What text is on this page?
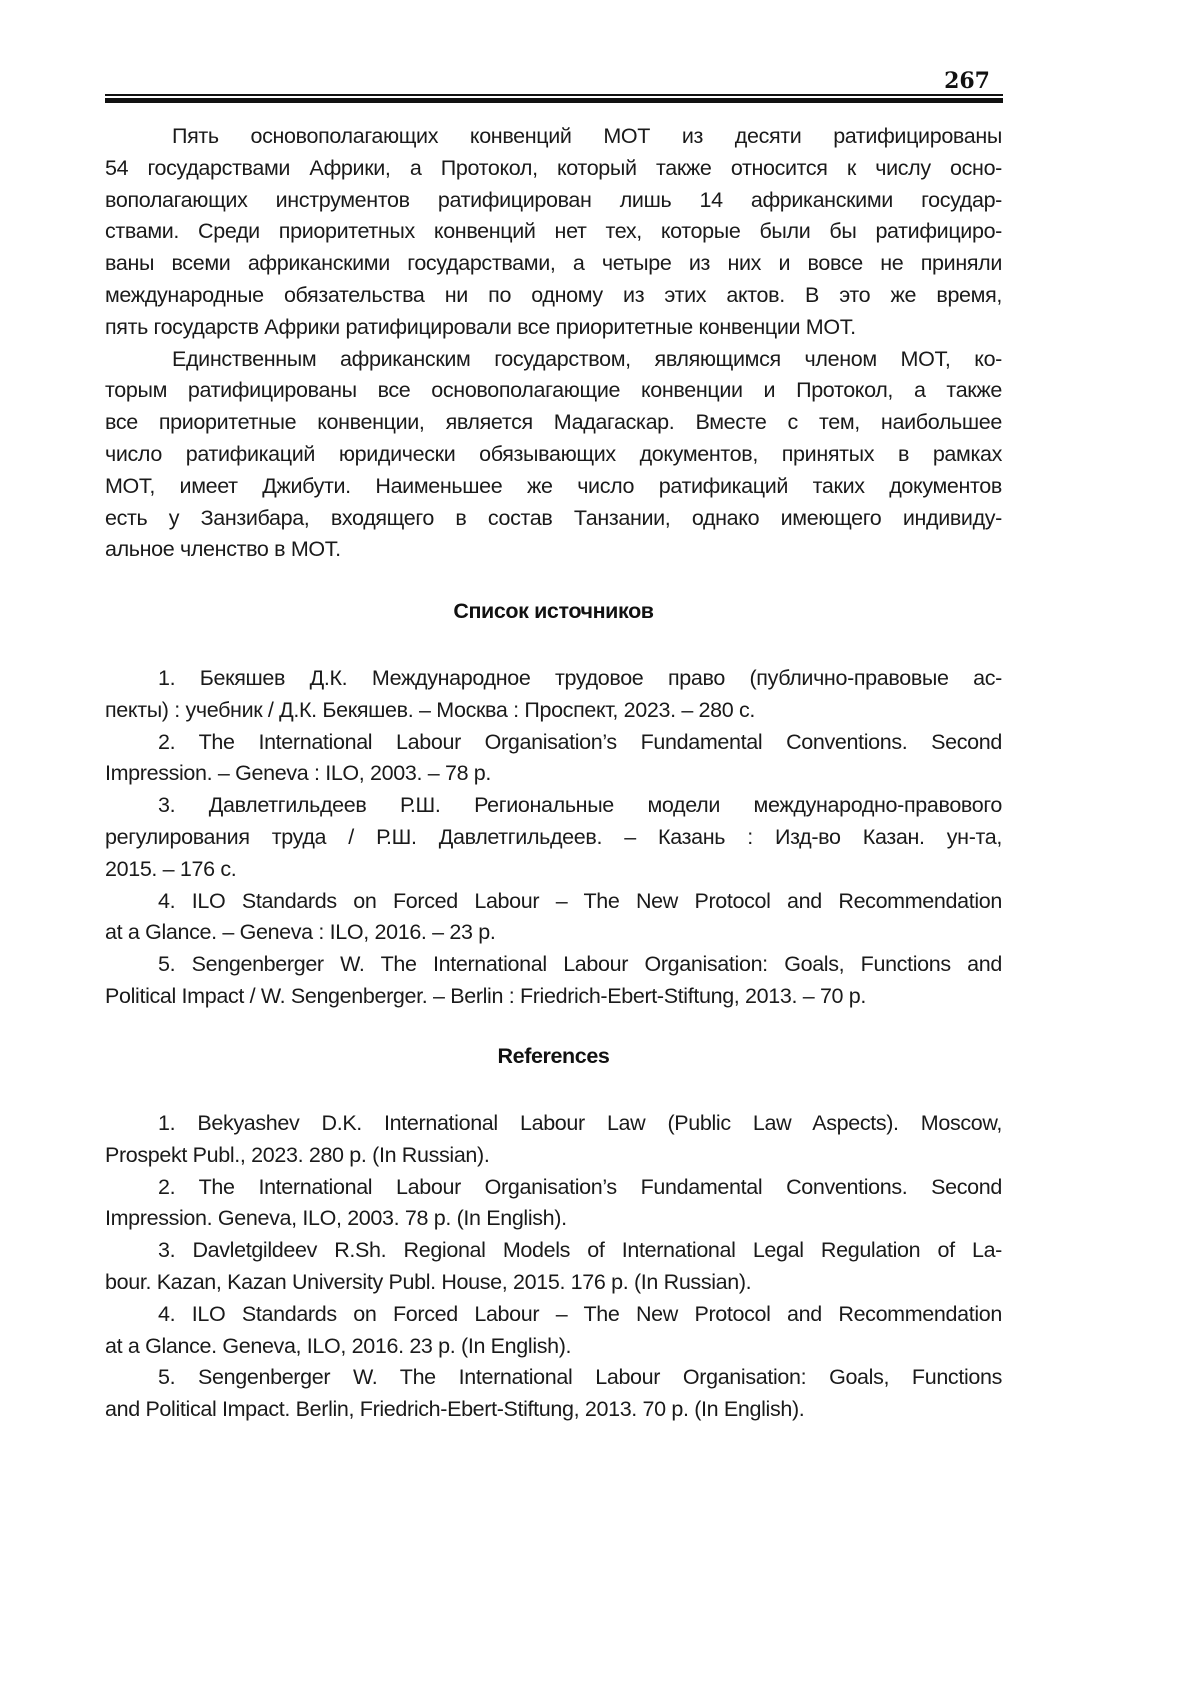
267
Пять основополагающих конвенций МОТ из десяти ратифицированы
54 государствами Африки, а Протокол, который также относится к числу осно-
вополагающих инструментов ратифицирован лишь 14 африканскими государ-
ствами. Среди приоритетных конвенций нет тех, которые были бы ратифициро-
ваны всеми африканскими государствами, а четыре из них и вовсе не приняли
международные обязательства ни по одному из этих актов. В это же время,
пять государств Африки ратифицировали все приоритетные конвенции МОТ.
Единственным африканским государством, являющимся членом МОТ, ко-
торым ратифицированы все основополагающие конвенции и Протокол, а также
все приоритетные конвенции, является Мадагаскар. Вместе с тем, наибольшее
число ратификаций юридически обязывающих документов, принятых в рамках
МОТ, имеет Джибути. Наименьшее же число ратификаций таких документов
есть у Занзибара, входящего в состав Танзании, однако имеющего индивиду-
альное членство в МОТ.
Список источников
1. Бекяшев Д.К. Международное трудовое право (публично-правовые ас-
пекты) : учебник / Д.К. Бекяшев. – Москва : Проспект, 2023. – 280 с.
2. The International Labour Organisation’s Fundamental Conventions. Second
Impression. – Geneva : ILO, 2003. – 78 p.
3. Давлетгильдеев Р.Ш. Региональные модели международно-правового
регулирования труда / Р.Ш. Давлетгильдеев. – Казань : Изд-во Казан. ун-та,
2015. – 176 с.
4. ILO Standards on Forced Labour – The New Protocol and Recommendation
at a Glance. – Geneva : ILO, 2016. – 23 p.
5. Sengenberger W. The International Labour Organisation: Goals, Functions and
Political Impact / W. Sengenberger. – Berlin : Friedrich-Ebert-Stiftung, 2013. – 70 p.
References
1. Bekyashev D.K. International Labour Law (Public Law Aspects). Moscow,
Prospekt Publ., 2023. 280 p. (In Russian).
2. The International Labour Organisation’s Fundamental Conventions. Second
Impression. Geneva, ILO, 2003. 78 p. (In English).
3. Davletgildeev R.Sh. Regional Models of International Legal Regulation of La-
bour. Kazan, Kazan University Publ. House, 2015. 176 p. (In Russian).
4. ILO Standards on Forced Labour – The New Protocol and Recommendation
at a Glance. Geneva, ILO, 2016. 23 p. (In English).
5. Sengenberger W. The International Labour Organisation: Goals, Functions
and Political Impact. Berlin, Friedrich-Ebert-Stiftung, 2013. 70 p. (In English).
